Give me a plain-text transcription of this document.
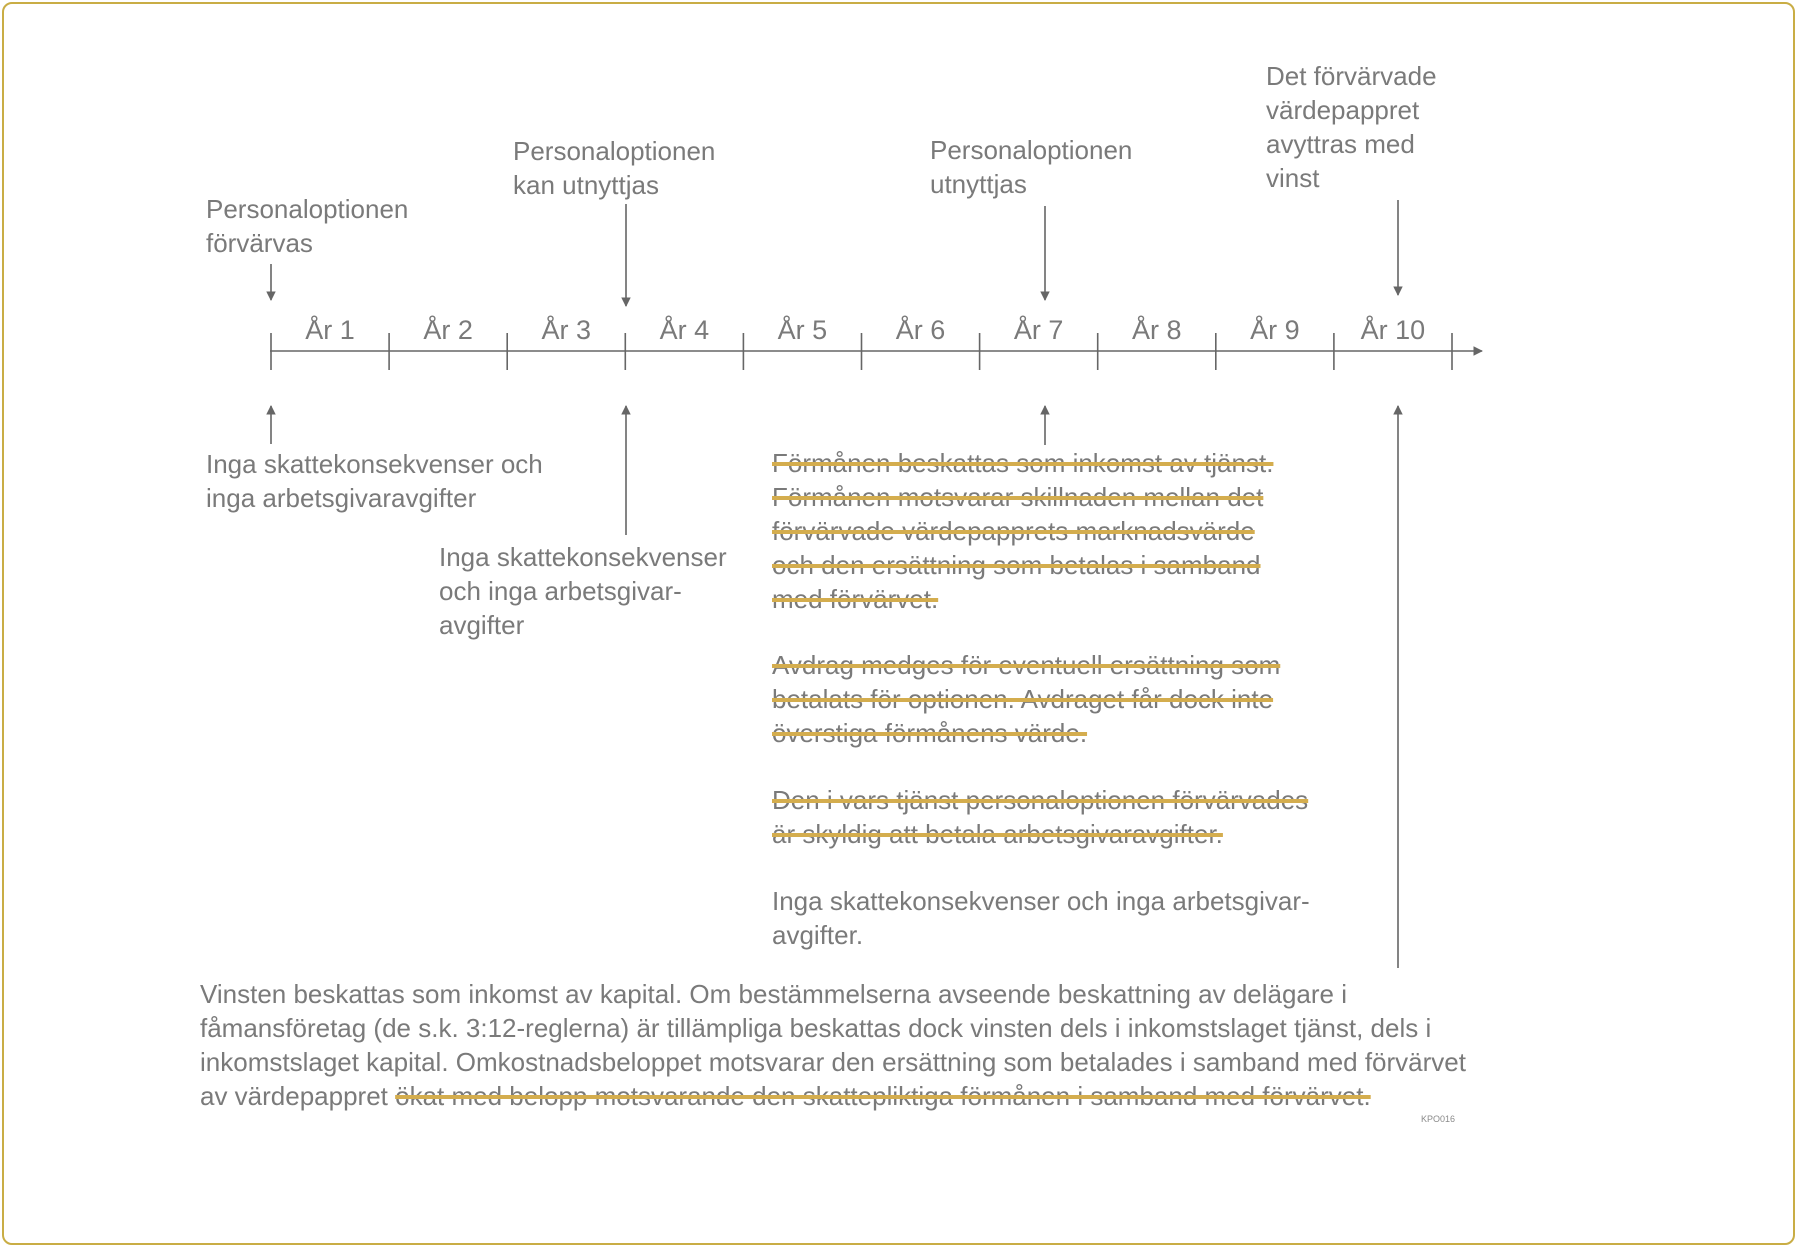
År 1	År 2	År 3	År 4	År 5	År 6	År 7	År 8	År 9	År 10
Personaloptionen
förvärvas
Personaloptionen
kan utnyttjas
Personaloptionen
utnyttjas
Det förvärvade
värdepappret
avyttras med
vinst
Inga skattekonsekvenser och
inga arbetsgivaravgifter
Inga skattekonsekvenser
och inga arbetsgivar-
avgifter
Förmånen beskattas som inkomst av tjänst.
Förmånen motsvarar skillnaden mellan det
förvärvade värdepapprets marknadsvärde
och den ersättning som betalas i samband
med förvärvet.
Avdrag medges för eventuell ersättning som
betalats för optionen. Avdraget får dock inte
överstiga förmånens värde.
Den i vars tjänst personaloptionen förvärvades
är skyldig att betala arbetsgivaravgifter.
Inga skattekonsekvenser och inga arbetsgivar-
avgifter.
Vinsten beskattas som inkomst av kapital. Om bestämmelserna avseende beskattning av delägare i fåmansföretag (de s.k. 3:12-reglerna) är tillämpliga beskattas dock vinsten dels i inkomstslaget tjänst, dels i inkomstslaget kapital. Omkostnadsbeloppet motsvarar den ersättning som betalades i samband med förvärvet av värdepappret ökat med belopp motsvarande den skattepliktiga förmånen i samband med förvärvet.
KPO016
